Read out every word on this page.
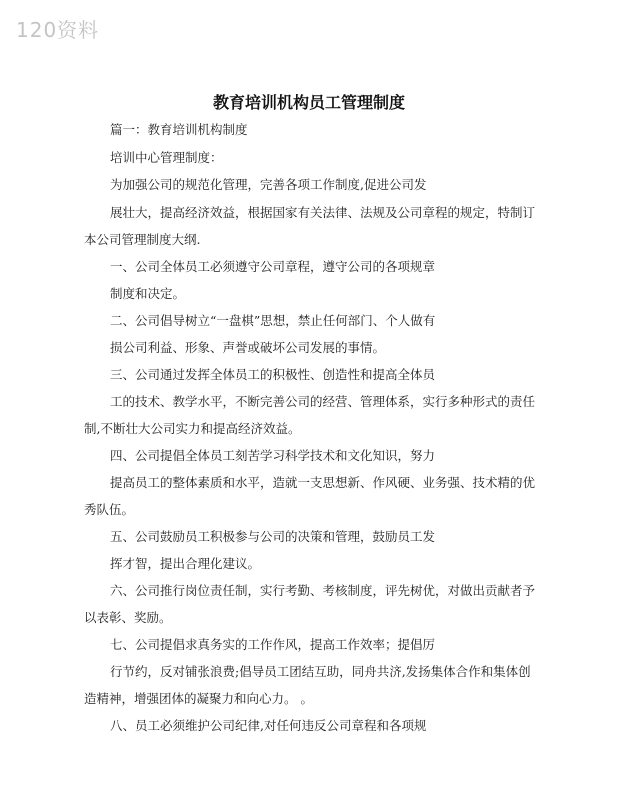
120资料
教育培训机构员工管理制度
篇一：教育培训机构制度
培训中心管理制度：
为加强公司的规范化管理，完善各项工作制度,促进公司发
展壮大，提高经济效益，根据国家有关法律、法规及公司章程的规定，特制订
本公司管理制度大纲.
一、公司全体员工必须遵守公司章程，遵守公司的各项规章
制度和决定。
二、公司倡导树立“一盘棋”思想，禁止任何部门、个人做有
损公司利益、形象、声誉或破坏公司发展的事情。
三、公司通过发挥全体员工的积极性、创造性和提高全体员
工的技术、教学水平，不断完善公司的经营、管理体系，实行多种形式的责任
制,不断壮大公司实力和提高经济效益。
四、公司提倡全体员工刻苦学习科学技术和文化知识，努力
提高员工的整体素质和水平，造就一支思想新、作风硬、业务强、技术精的优
秀队伍。
五、公司鼓励员工积极参与公司的决策和管理，鼓励员工发
挥才智，提出合理化建议。
六、公司推行岗位责任制，实行考勤、考核制度，评先树优，对做出贡献者予
以表彰、奖励。
七、公司提倡求真务实的工作作风，提高工作效率；提倡厉
行节约，反对铺张浪费;倡导员工团结互助，同舟共济,发扬集体合作和集体创
造精神，增强团体的凝聚力和向心力。 。
八、员工必须维护公司纪律,对任何违反公司章程和各项规
